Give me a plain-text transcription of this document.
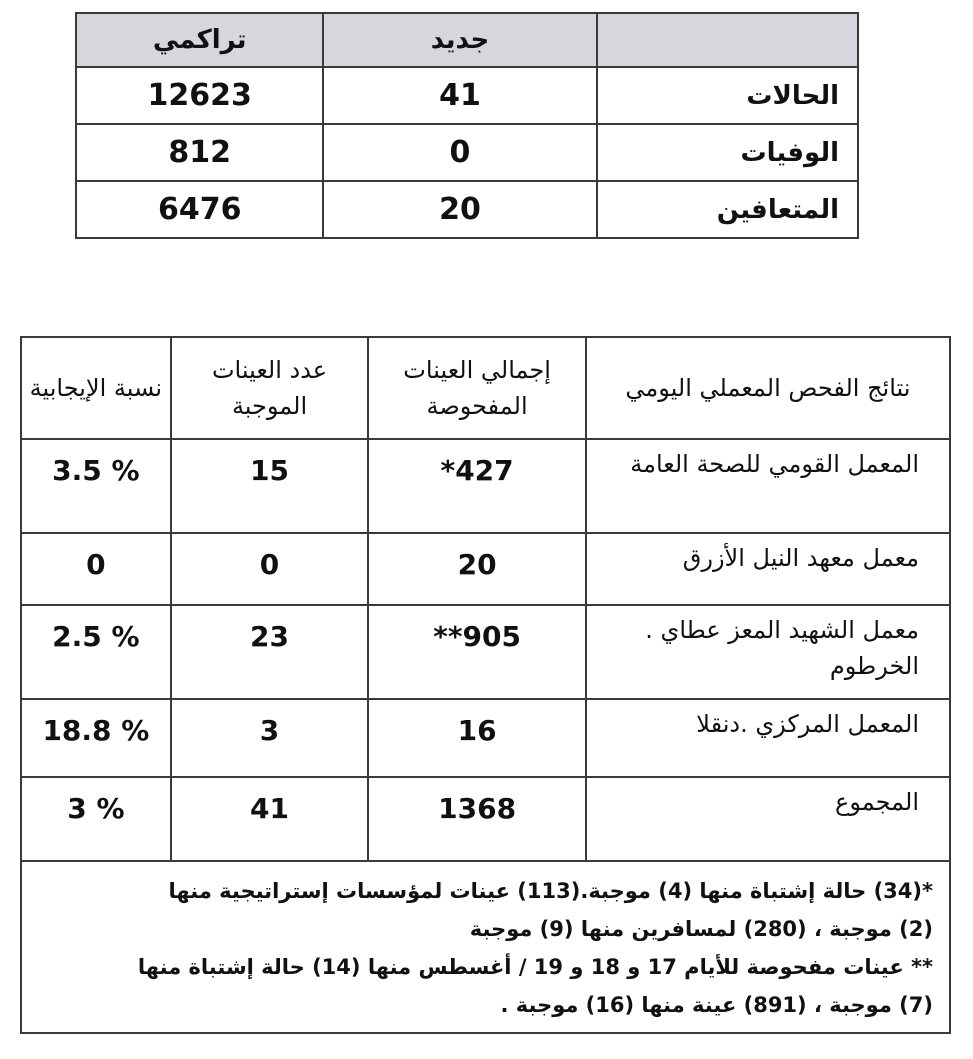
	جديد	تراكمي
الحالات	41	12623
الوفيات	0	812
المتعافين	20	6476
نتائج الفحص المعملي اليومي	إجمالي العينات المفحوصة	عدد العينات الموجبة	نسبة الإيجابية
المعمل القومي للصحة العامة	427*	15	3.5 %
معمل معهد النيل الأزرق	20	0	0
معمل الشهيد المعز عطاي . الخرطوم	905**	23	2.5 %
المعمل المركزي .دنقلا	16	3	18.8 %
المجموع	1368	41	3 %

*(34) حالة إشتباة منها (4) موجبة.(113) عينات لمؤسسات إستراتيجية منها
(2) موجبة ، (280) لمسافرين منها (9) موجبة
** عينات مفحوصة للأيام 17 و 18 و 19 / أغسطس منها (14) حالة إشتباة منها
(7) موجبة ، (891) عينة منها (16) موجبة .			
